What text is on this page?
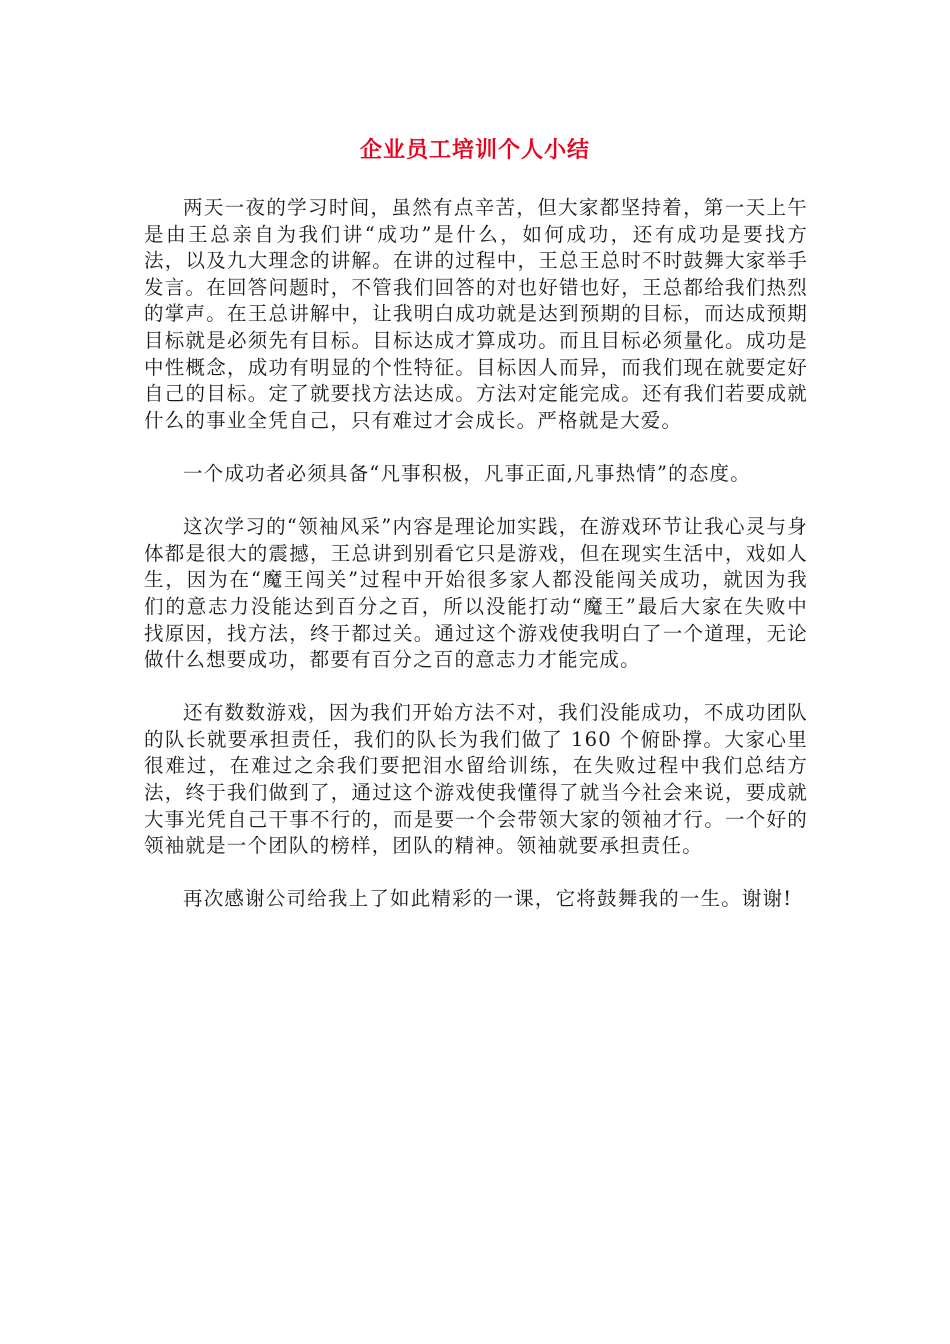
企业员工培训个人小结

两天一夜的学习时间，虽然有点辛苦，但大家都坚持着，第一天上午是由王总亲自为我们讲“成功”是什么，如何成功，还有成功是要找方法，以及九大理念的讲解。在讲的过程中，王总王总时不时鼓舞大家举手发言。在回答问题时，不管我们回答的对也好错也好，王总都给我们热烈的掌声。在王总讲解中，让我明白成功就是达到预期的目标，而达成预期目标就是必须先有目标。目标达成才算成功。而且目标必须量化。成功是中性概念，成功有明显的个性特征。目标因人而异，而我们现在就要定好自己的目标。定了就要找方法达成。方法对定能完成。还有我们若要成就什么的事业全凭自己，只有难过才会成长。严格就是大爱。

一个成功者必须具备“凡事积极，凡事正面,凡事热情”的态度。

这次学习的“领袖风采”内容是理论加实践，在游戏环节让我心灵与身体都是很大的震撼，王总讲到别看它只是游戏，但在现实生活中，戏如人生，因为在“魔王闯关”过程中开始很多家人都没能闯关成功，就因为我们的意志力没能达到百分之百，所以没能打动“魔王”最后大家在失败中找原因，找方法，终于都过关。通过这个游戏使我明白了一个道理，无论做什么想要成功，都要有百分之百的意志力才能完成。

还有数数游戏，因为我们开始方法不对，我们没能成功，不成功团队的队长就要承担责任，我们的队长为我们做了 160 个俯卧撑。大家心里很难过，在难过之余我们要把泪水留给训练，在失败过程中我们总结方法，终于我们做到了，通过这个游戏使我懂得了就当今社会来说，要成就大事光凭自己干事不行的，而是要一个会带领大家的领袖才行。一个好的领袖就是一个团队的榜样，团队的精神。领袖就要承担责任。

再次感谢公司给我上了如此精彩的一课，它将鼓舞我的一生。谢谢!
